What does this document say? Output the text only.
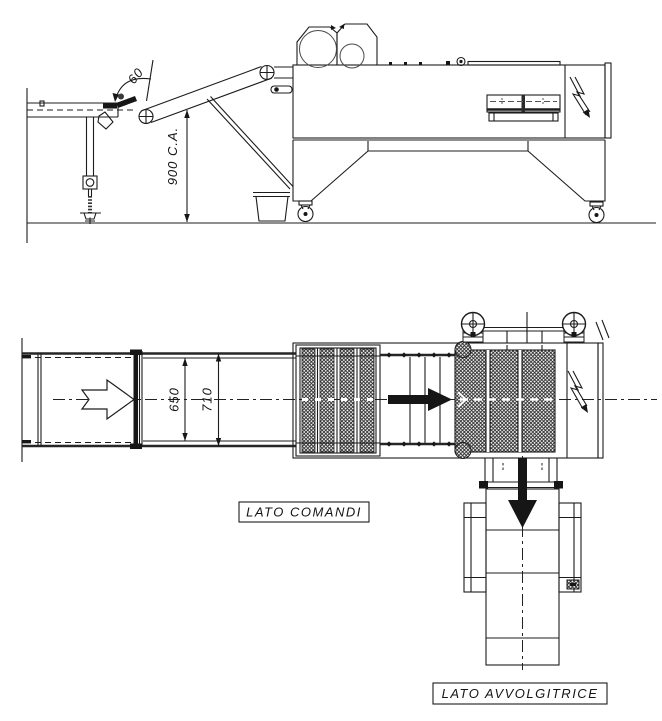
60
900 C.A.
650 710
LATO COMANDI
LATO AVVOLGITRICE
